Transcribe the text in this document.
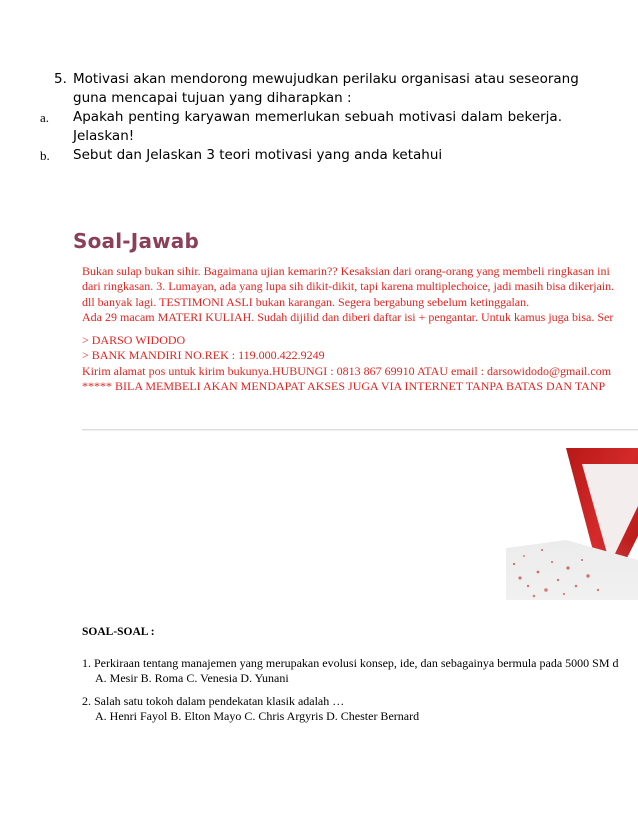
5. Motivasi akan mendorong mewujudkan perilaku organisasi atau seseorang
guna mencapai tujuan yang diharapkan :
a. Apakah penting karyawan memerlukan sebuah motivasi dalam bekerja.
Jelaskan!
b. Sebut dan Jelaskan 3 teori motivasi yang anda ketahui
Soal-Jawab
Bukan sulap bukan sihir. Bagaimana ujian kemarin?? Kesaksian dari orang-orang yang membeli ringkasan ini
dari ringkasan. 3. Lumayan, ada yang lupa sih dikit-dikit, tapi karena multiplechoice, jadi masih bisa dikerjain.
dll banyak lagi. TESTIMONI ASLI bukan karangan. Segera bergabung sebelum ketinggalan.
Ada 29 macam MATERI KULIAH. Sudah dijilid dan diberi daftar isi + pengantar. Untuk kamus juga bisa. Ser
> DARSO WIDODO
> BANK MANDIRI NO.REK : 119.000.422.9249
Kirim alamat pos untuk kirim bukunya.HUBUNGI : 0813 867 69910 ATAU email : darsowidodo@gmail.com
***** BILA MEMBELI AKAN MENDAPAT AKSES JUGA VIA INTERNET TANPA BATAS DAN TANP
SOAL-SOAL :
1. Perkiraan tentang manajemen yang merupakan evolusi konsep, ide, dan sebagainya bermula pada 5000 SM d
A. Mesir B. Roma C. Venesia D. Yunani
2. Salah satu tokoh dalam pendekatan klasik adalah …
A. Henri Fayol B. Elton Mayo C. Chris Argyris D. Chester Bernard
